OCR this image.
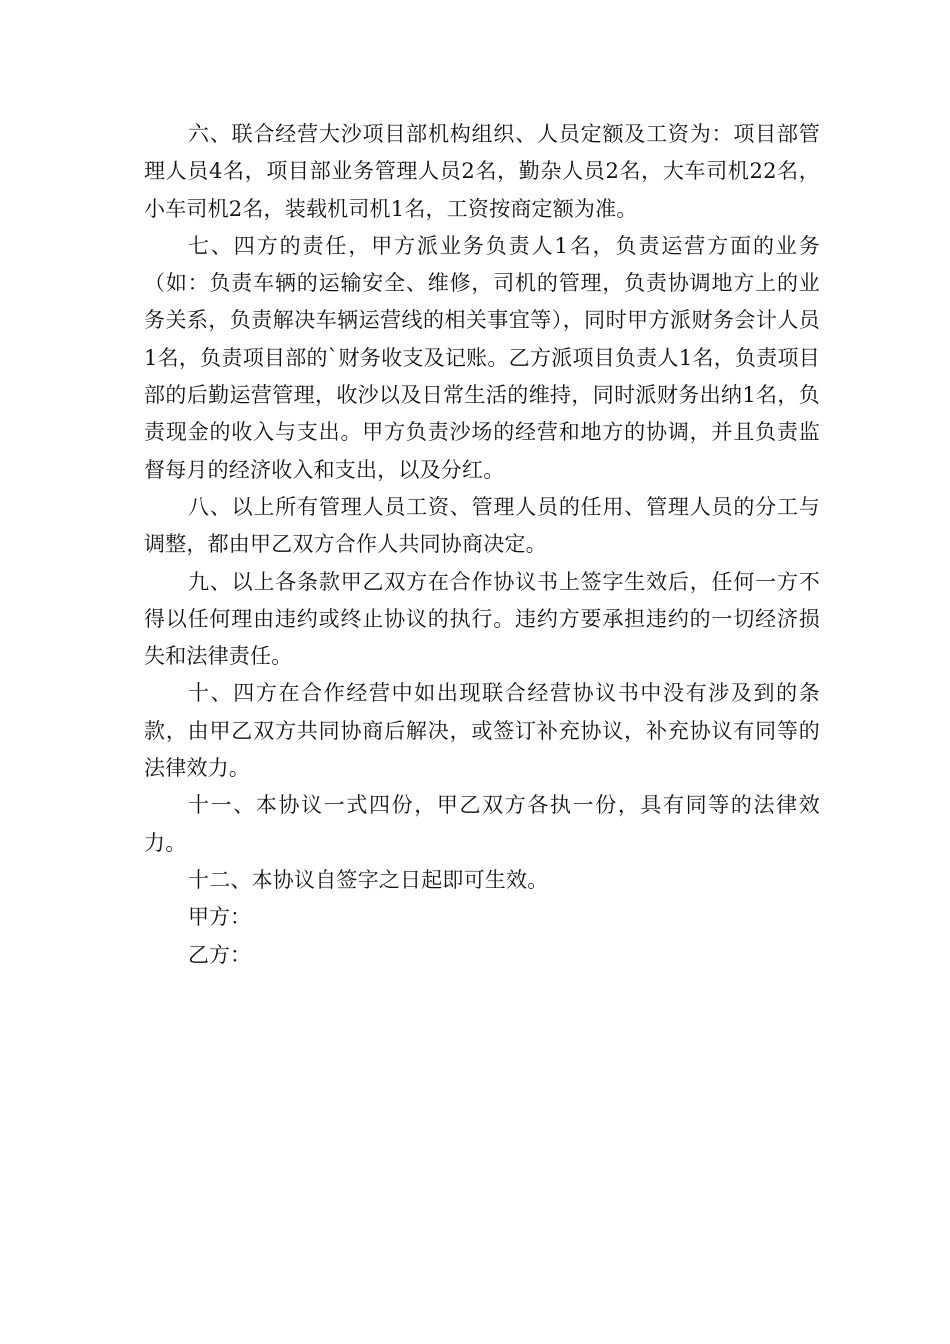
六、联合经营大沙项目部机构组织、人员定额及工资为：项目部管理人员4名，项目部业务管理人员2名，勤杂人员2名，大车司机22名，小车司机2名，装载机司机1名，工资按商定额为准。

七、四方的责任，甲方派业务负责人1名，负责运营方面的业务（如：负责车辆的运输安全、维修，司机的管理，负责协调地方上的业务关系，负责解决车辆运营线的相关事宜等），同时甲方派财务会计人员1名，负责项目部的`财务收支及记账。乙方派项目负责人1名，负责项目部的后勤运营管理，收沙以及日常生活的维持，同时派财务出纳1名，负责现金的收入与支出。甲方负责沙场的经营和地方的协调，并且负责监督每月的经济收入和支出，以及分红。

八、以上所有管理人员工资、管理人员的任用、管理人员的分工与调整，都由甲乙双方合作人共同协商决定。

九、以上各条款甲乙双方在合作协议书上签字生效后，任何一方不得以任何理由违约或终止协议的执行。违约方要承担违约的一切经济损失和法律责任。

十、四方在合作经营中如出现联合经营协议书中没有涉及到的条款，由甲乙双方共同协商后解决，或签订补充协议，补充协议有同等的法律效力。

十一、本协议一式四份，甲乙双方各执一份，具有同等的法律效力。

十二、本协议自签字之日起即可生效。

甲方：

乙方：
